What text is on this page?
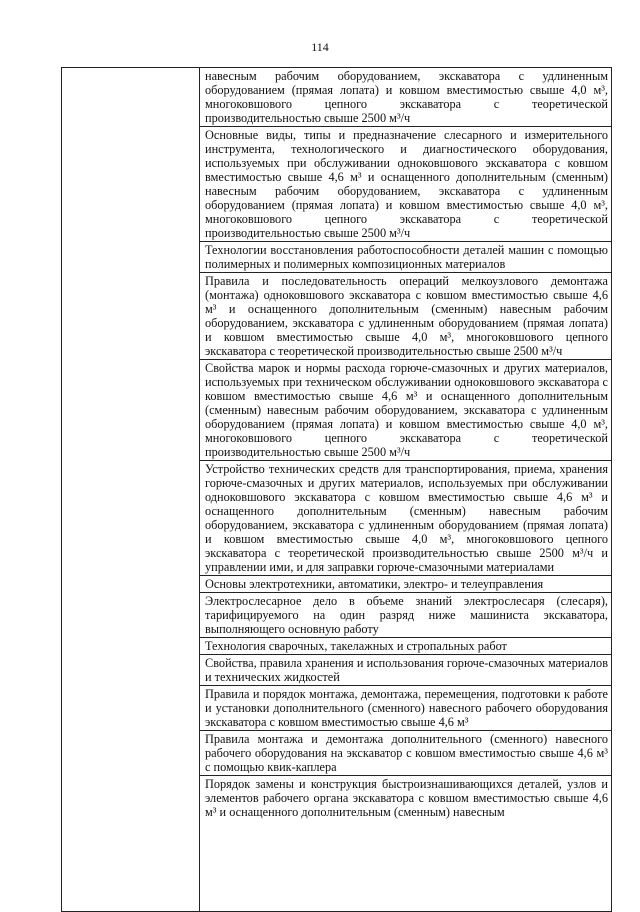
114

навесным рабочим оборудованием, экскаватора с удлиненным оборудованием (прямая лопата) и ковшом вместимостью свыше 4,0 м³, многоковшового цепного экскаватора с теоретической производительностью свыше 2500 м³/ч
Основные виды, типы и предназначение слесарного и измерительного инструмента, технологического и диагностического оборудования, используемых при обслуживании одноковшового экскаватора с ковшом вместимостью свыше 4,6 м³ и оснащенного дополнительным (сменным) навесным рабочим оборудованием, экскаватора с удлиненным оборудованием (прямая лопата) и ковшом вместимостью свыше 4,0 м³, многоковшового цепного экскаватора с теоретической производительностью свыше 2500 м³/ч
Технологии восстановления работоспособности деталей машин с помощью полимерных и полимерных композиционных материалов
Правила и последовательность операций мелкоузлового демонтажа (монтажа) одноковшового экскаватора с ковшом вместимостью свыше 4,6 м³ и оснащенного дополнительным (сменным) навесным рабочим оборудованием, экскаватора с удлиненным оборудованием (прямая лопата) и ковшом вместимостью свыше 4,0 м³, многоковшового цепного экскаватора с теоретической производительностью свыше 2500 м³/ч
Свойства марок и нормы расхода горюче-смазочных и других материалов, используемых при техническом обслуживании одноковшового экскаватора с ковшом вместимостью свыше 4,6 м³ и оснащенного дополнительным (сменным) навесным рабочим оборудованием, экскаватора с удлиненным оборудованием (прямая лопата) и ковшом вместимостью свыше 4,0 м³, многоковшового цепного экскаватора с теоретической производительностью свыше 2500 м³/ч
Устройство технических средств для транспортирования, приема, хранения горюче-смазочных и других материалов, используемых при обслуживании одноковшового экскаватора с ковшом вместимостью свыше 4,6 м³ и оснащенного дополнительным (сменным) навесным рабочим оборудованием, экскаватора с удлиненным оборудованием (прямая лопата) и ковшом вместимостью свыше 4,0 м³, многоковшового цепного экскаватора с теоретической производительностью свыше 2500 м³/ч и управлении ими, и для заправки горюче-смазочными материалами
Основы электротехники, автоматики, электро- и телеуправления
Электрослесарное дело в объеме знаний электрослесаря (слесаря), тарифицируемого на один разряд ниже машиниста экскаватора, выполняющего основную работу
Технология сварочных, такелажных и стропальных работ
Свойства, правила хранения и использования горюче-смазочных материалов и технических жидкостей
Правила и порядок монтажа, демонтажа, перемещения, подготовки к работе и установки дополнительного (сменного) навесного рабочего оборудования экскаватора с ковшом вместимостью свыше 4,6 м³
Правила монтажа и демонтажа дополнительного (сменного) навесного рабочего оборудования на экскаватор с ковшом вместимостью свыше 4,6 м³ с помощью квик-каплера
Порядок замены и конструкция быстроизнашивающихся деталей, узлов и элементов рабочего органа экскаватора с ковшом вместимостью свыше 4,6 м³ и оснащенного дополнительным (сменным) навесным
